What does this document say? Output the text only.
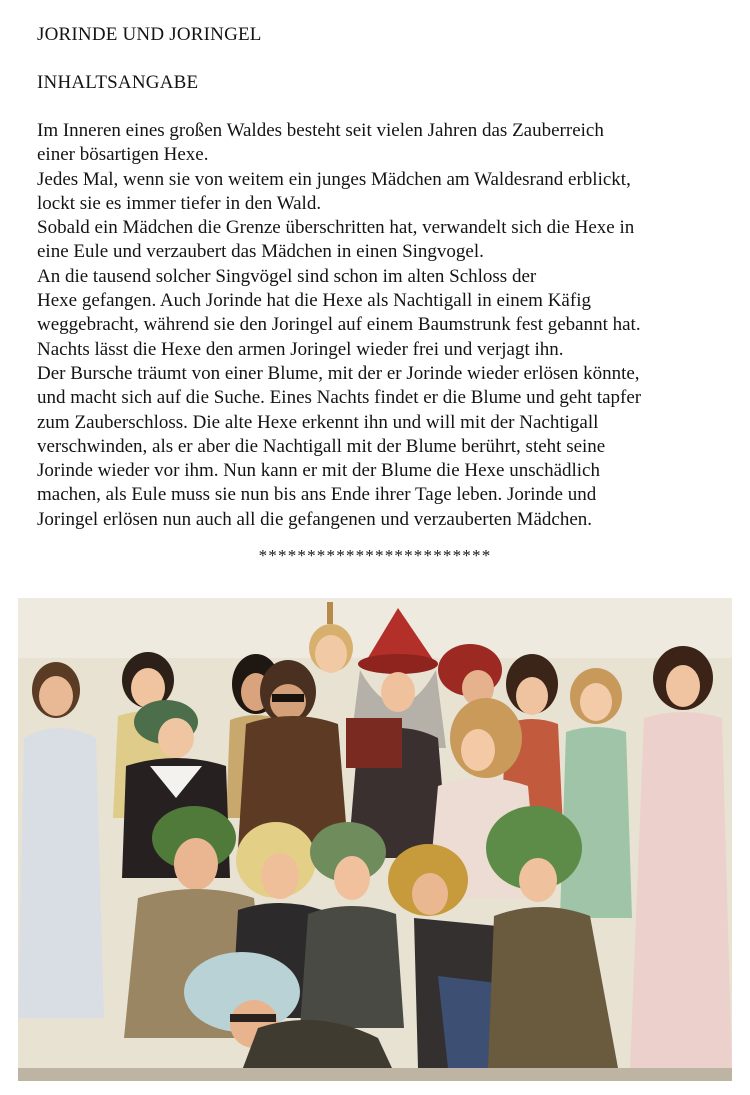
JORINDE UND JORINGEL
INHALTSANGABE
Im Inneren eines großen Waldes besteht seit vielen Jahren das Zauberreich
einer bösartigen Hexe.
Jedes Mal, wenn sie von weitem ein junges Mädchen am Waldesrand erblickt,
lockt sie es immer tiefer in den Wald.
Sobald ein Mädchen die Grenze überschritten hat, verwandelt sich die Hexe in
eine Eule und verzaubert das Mädchen in einen Singvogel.
An die tausend solcher Singvögel sind schon im alten Schloss der
Hexe gefangen. Auch Jorinde hat die Hexe als Nachtigall in einem Käfig
weggebracht, während sie den Joringel auf einem Baumstrunk fest gebannt hat.
Nachts lässt die Hexe den armen Joringel wieder frei und verjagt ihn.
Der Bursche träumt von einer Blume, mit der er Jorinde wieder erlösen könnte,
und macht sich auf die Suche. Eines Nachts findet er die Blume und geht tapfer
zum Zauberschloss. Die alte Hexe erkennt ihn und will mit der Nachtigall
verschwinden, als er aber die Nachtigall mit der Blume berührt, steht seine
Jorinde wieder vor ihm. Nun kann er mit der Blume die Hexe unschädlich
machen, als Eule muss sie nun bis ans Ende ihrer Tage leben. Jorinde und
Joringel erlösen nun auch all die gefangenen und verzauberten Mädchen.
************************
